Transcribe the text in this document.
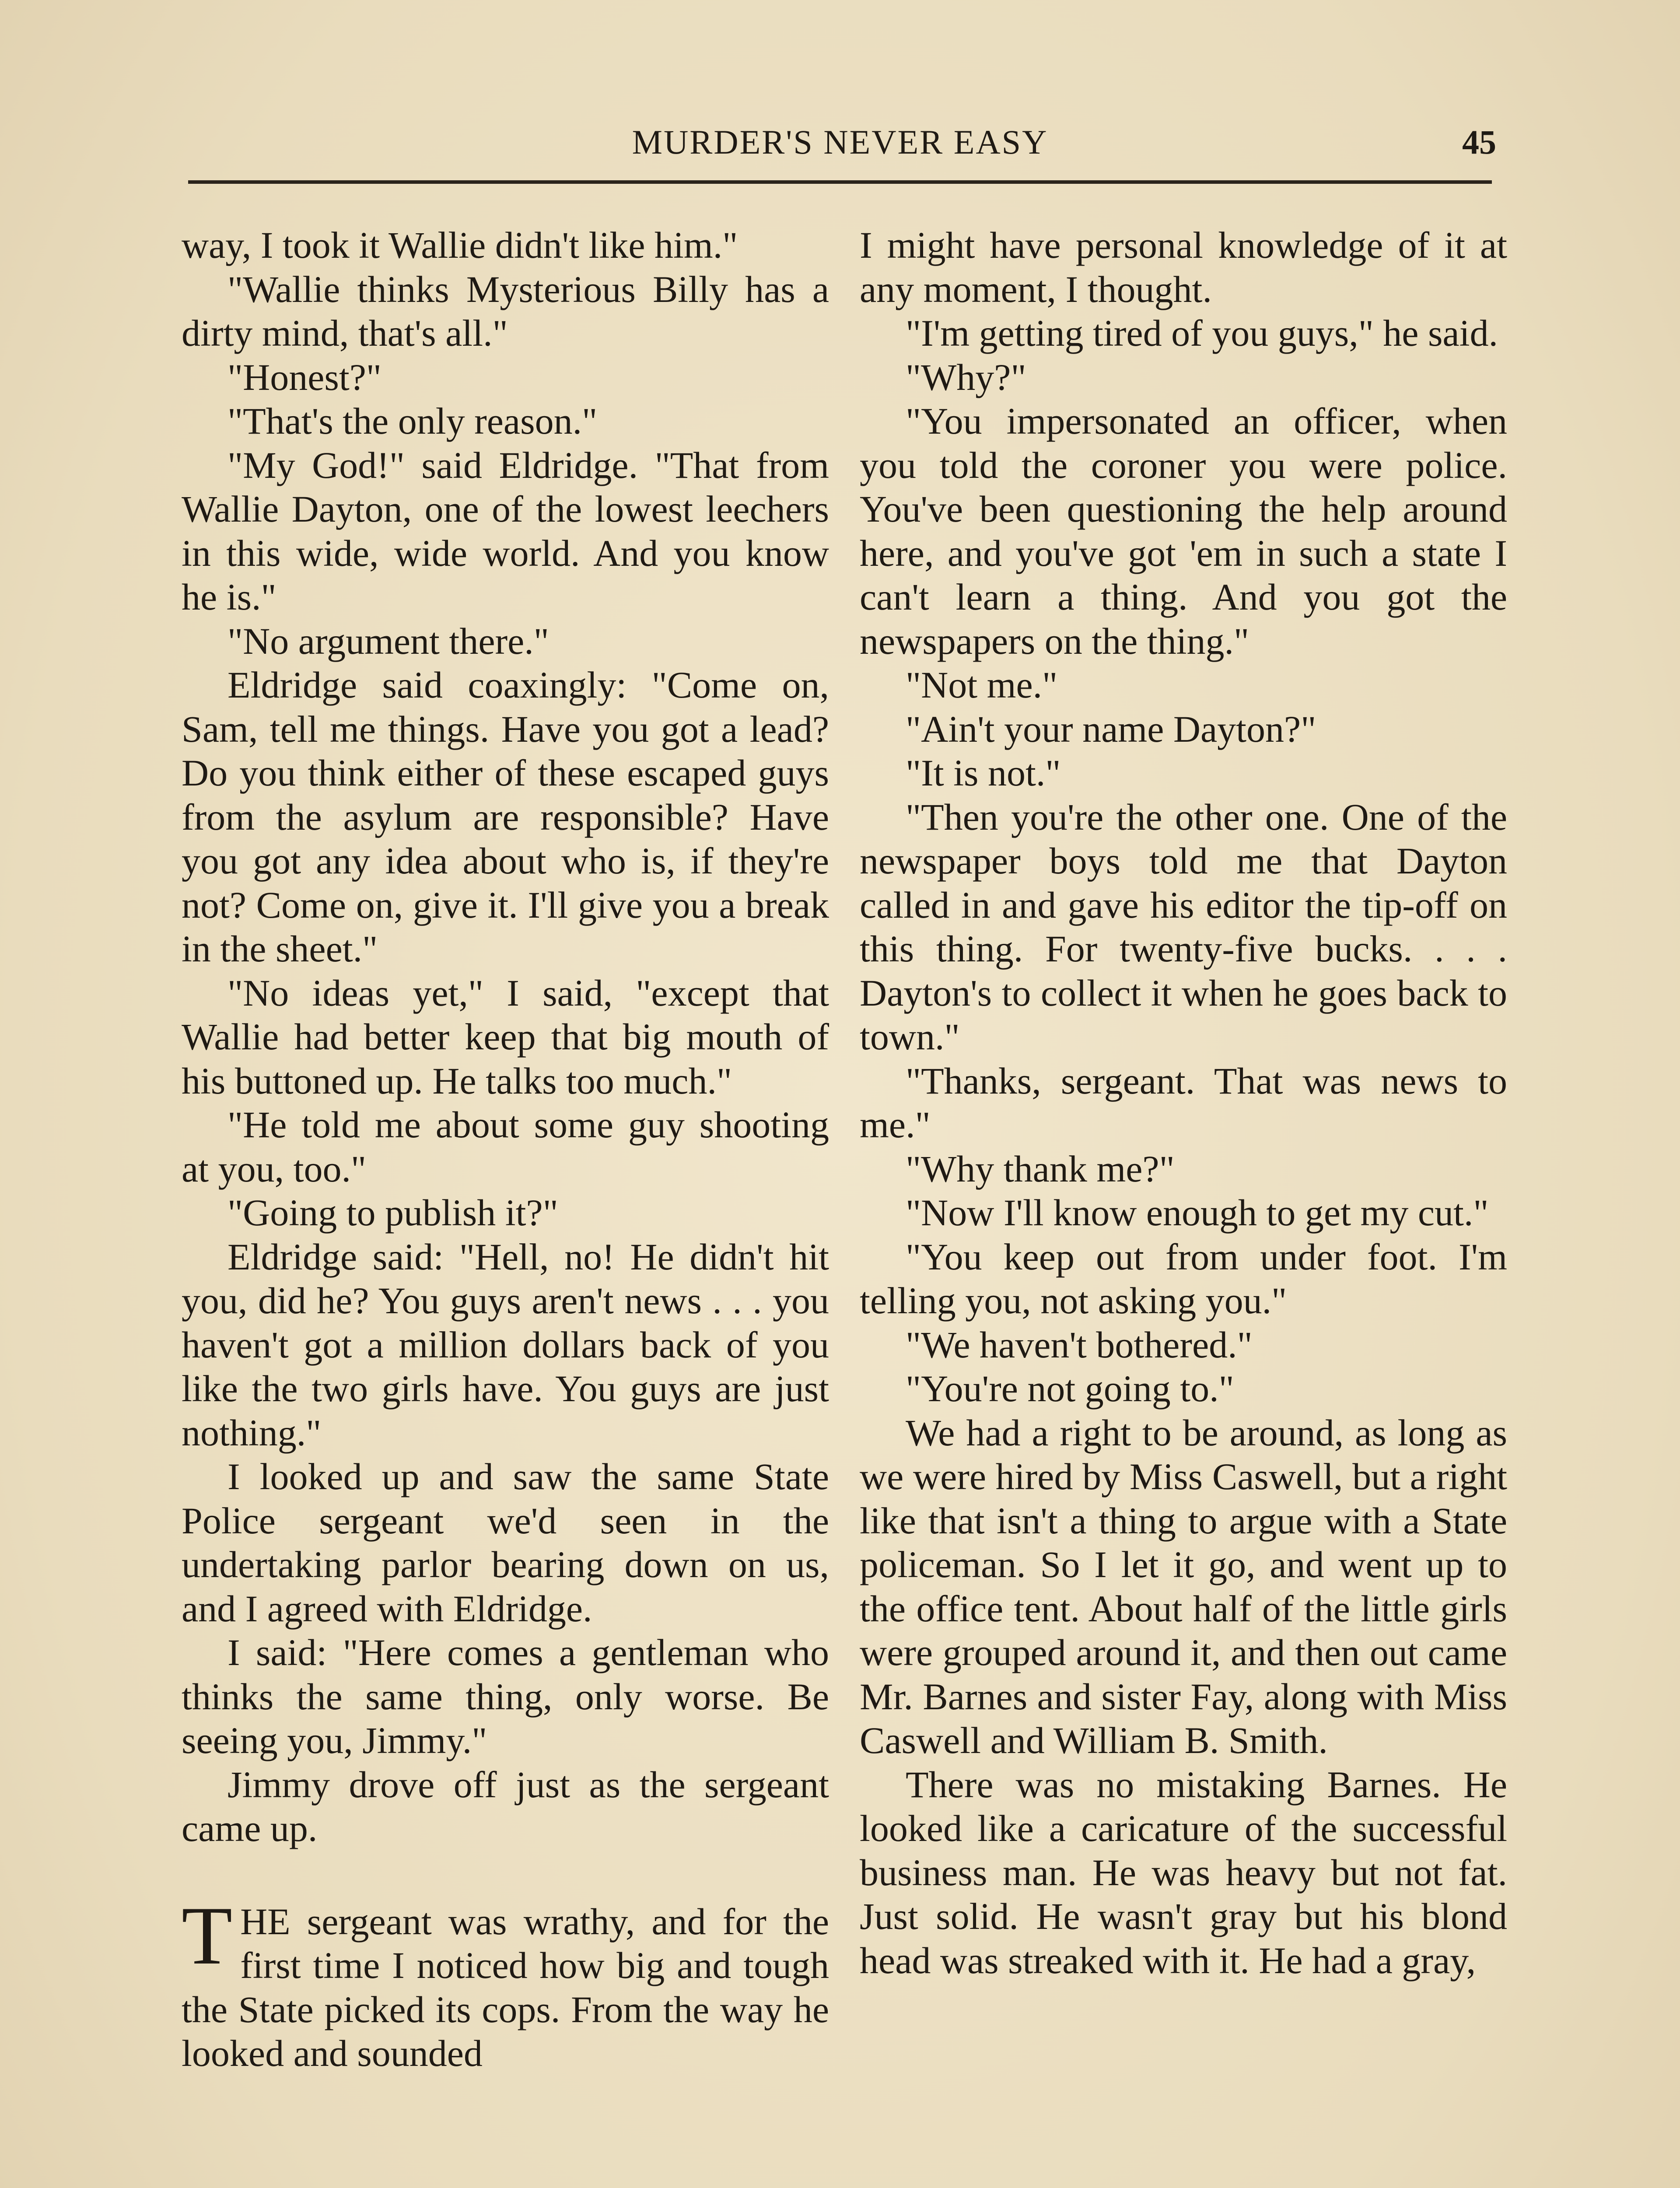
MURDER'S NEVER EASY	45

way, I took it Wallie didn't like him."

"Wallie thinks Mysterious Billy has a dirty mind, that's all."

"Honest?"

"That's the only reason."

"My God!" said Eldridge. "That from Wallie Dayton, one of the lowest leechers in this wide, wide world. And you know he is."

"No argument there."

Eldridge said coaxingly: "Come on, Sam, tell me things. Have you got a lead? Do you think either of these escaped guys from the asylum are responsible? Have you got any idea about who is, if they're not? Come on, give it. I'll give you a break in the sheet."

"No ideas yet," I said, "except that Wallie had better keep that big mouth of his buttoned up. He talks too much."

"He told me about some guy shooting at you, too."

"Going to publish it?"

Eldridge said: "Hell, no! He didn't hit you, did he? You guys aren't news . . . you haven't got a million dollars back of you like the two girls have. You guys are just nothing."

I looked up and saw the same State Police sergeant we'd seen in the undertaking parlor bearing down on us, and I agreed with Eldridge.

I said: "Here comes a gentleman who thinks the same thing, only worse. Be seeing you, Jimmy."

Jimmy drove off just as the sergeant came up.

THE sergeant was wrathy, and for the first time I noticed how big and tough the State picked its cops. From the way he looked and sounded

I might have personal knowledge of it at any moment, I thought.

"I'm getting tired of you guys," he said.

"Why?"

"You impersonated an officer, when you told the coroner you were police. You've been questioning the help around here, and you've got 'em in such a state I can't learn a thing. And you got the newspapers on the thing."

"Not me."

"Ain't your name Dayton?"

"It is not."

"Then you're the other one. One of the newspaper boys told me that Dayton called in and gave his editor the tip-off on this thing. For twenty-five bucks. . . . Dayton's to collect it when he goes back to town."

"Thanks, sergeant. That was news to me."

"Why thank me?"

"Now I'll know enough to get my cut."

"You keep out from under foot. I'm telling you, not asking you."

"We haven't bothered."

"You're not going to."

We had a right to be around, as long as we were hired by Miss Caswell, but a right like that isn't a thing to argue with a State policeman. So I let it go, and went up to the office tent. About half of the little girls were grouped around it, and then out came Mr. Barnes and sister Fay, along with Miss Caswell and William B. Smith.

There was no mistaking Barnes. He looked like a caricature of the successful business man. He was heavy but not fat. Just solid. He wasn't gray but his blond head was streaked with it. He had a gray,
